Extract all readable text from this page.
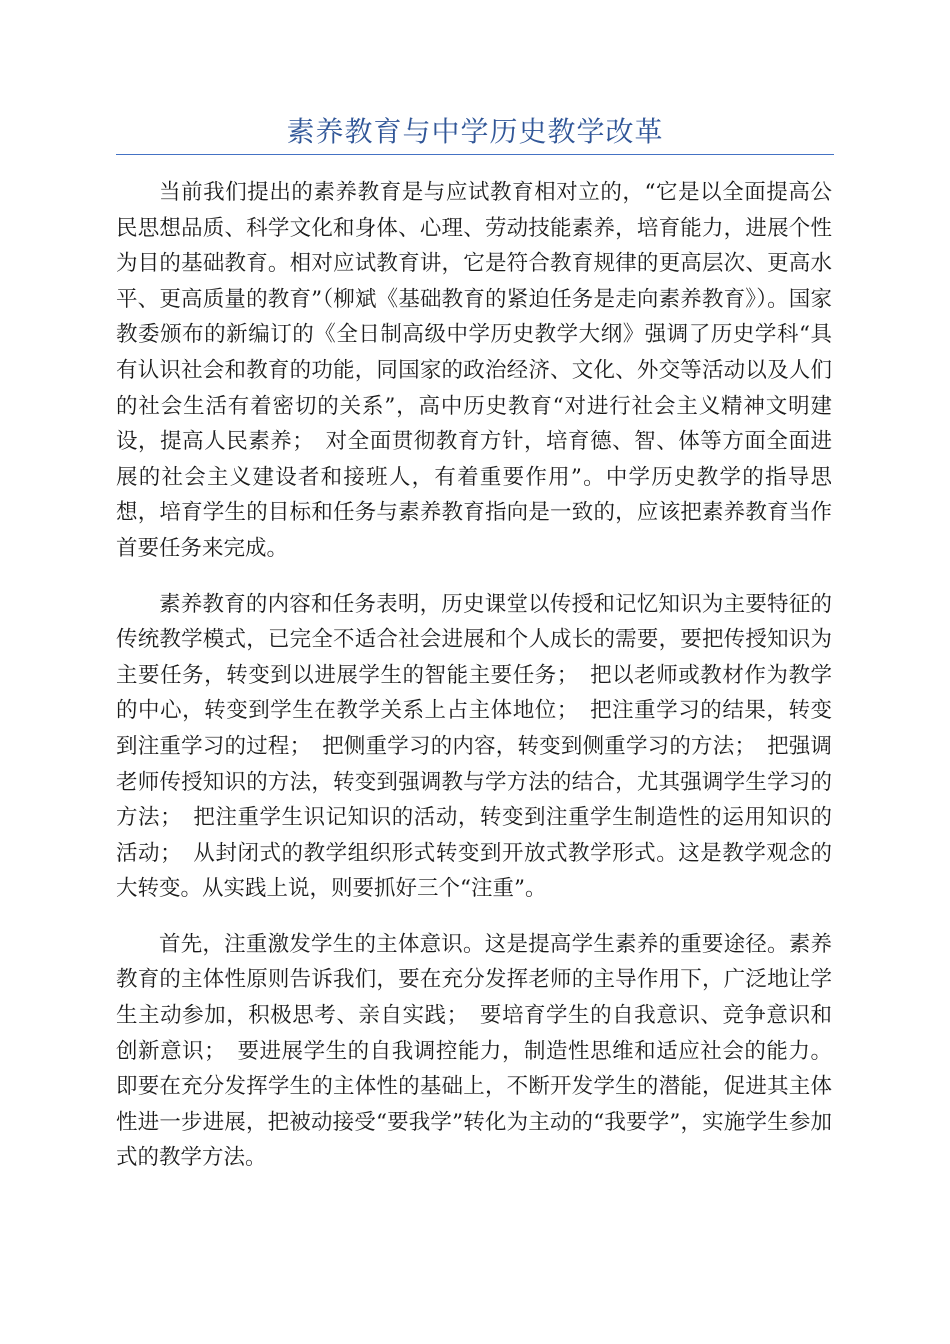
素养教育与中学历史教学改革

当前我们提出的素养教育是与应试教育相对立的，“它是以全面提高公民思想品质、科学文化和身体、心理、劳动技能素养，培育能力，进展个性为目的基础教育。相对应试教育讲，它是符合教育规律的更高层次、更高水平、更高质量的教育”（柳斌《基础教育的紧迫任务是走向素养教育》）。国家教委颁布的新编订的《全日制高级中学历史教学大纲》强调了历史学科“具有认识社会和教育的功能，同国家的政治经济、文化、外交等活动以及人们的社会生活有着密切的关系”，高中历史教育“对进行社会主义精神文明建设，提高人民素养；　对全面贯彻教育方针，培育德、智、体等方面全面进展的社会主义建设者和接班人，有着重要作用”。中学历史教学的指导思想，培育学生的目标和任务与素养教育指向是一致的，应该把素养教育当作首要任务来完成。

素养教育的内容和任务表明，历史课堂以传授和记忆知识为主要特征的传统教学模式，已完全不适合社会进展和个人成长的需要，要把传授知识为主要任务，转变到以进展学生的智能主要任务；　把以老师或教材作为教学的中心，转变到学生在教学关系上占主体地位；　把注重学习的结果，转变到注重学习的过程；　把侧重学习的内容，转变到侧重学习的方法；　把强调老师传授知识的方法，转变到强调教与学方法的结合，尤其强调学生学习的方法；　把注重学生识记知识的活动，转变到注重学生制造性的运用知识的活动；　从封闭式的教学组织形式转变到开放式教学形式。这是教学观念的大转变。从实践上说，则要抓好三个“注重”。

首先，注重激发学生的主体意识。这是提高学生素养的重要途径。素养教育的主体性原则告诉我们，要在充分发挥老师的主导作用下，广泛地让学生主动参加，积极思考、亲自实践；　要培育学生的自我意识、竞争意识和创新意识；　要进展学生的自我调控能力，制造性思维和适应社会的能力。即要在充分发挥学生的主体性的基础上，不断开发学生的潜能，促进其主体性进一步进展，把被动接受“要我学”转化为主动的“我要学”，实施学生参加式的教学方法。
